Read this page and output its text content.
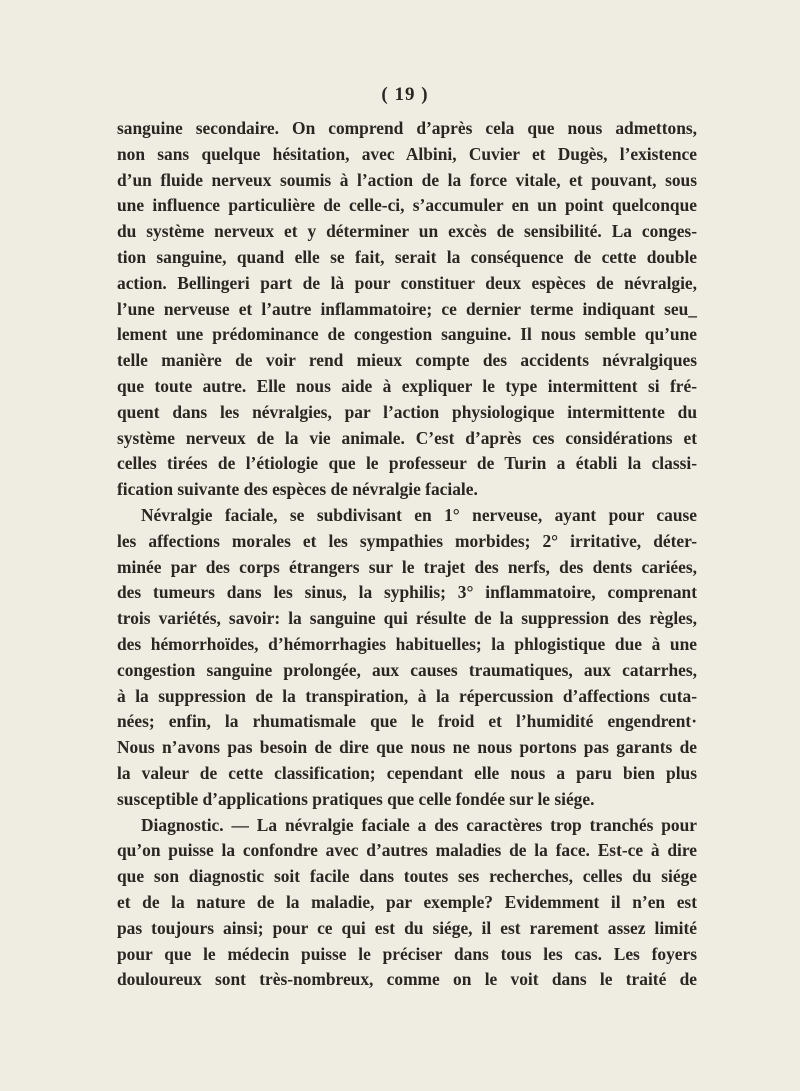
( 19 )
sanguine secondaire. On comprend d’après cela que nous admettons,
non sans quelque hésitation, avec Albini, Cuvier et Dugès, l’existence
d’un fluide nerveux soumis à l’action de la force vitale, et pouvant, sous
une influence particulière de celle-ci, s’accumuler en un point quelconque
du système nerveux et y déterminer un excès de sensibilité. La conges-
tion sanguine, quand elle se fait, serait la conséquence de cette double
action. Bellingeri part de là pour constituer deux espèces de névralgie,
l’une nerveuse et l’autre inflammatoire; ce dernier terme indiquant seu_
lement une prédominance de congestion sanguine. Il nous semble qu’une
telle manière de voir rend mieux compte des accidents névralgiques
que toute autre. Elle nous aide à expliquer le type intermittent si fré-
quent dans les névralgies, par l’action physiologique intermittente du
système nerveux de la vie animale. C’est d’après ces considérations et
celles tirées de l’étiologie que le professeur de Turin a établi la classi-
fication suivante des espèces de névralgie faciale.
Névralgie faciale, se subdivisant en 1° nerveuse, ayant pour cause
les affections morales et les sympathies morbides; 2° irritative, déter-
minée par des corps étrangers sur le trajet des nerfs, des dents cariées,
des tumeurs dans les sinus, la syphilis; 3° inflammatoire, comprenant
trois variétés, savoir: la sanguine qui résulte de la suppression des règles,
des hémorrhoïdes, d’hémorrhagies habituelles; la phlogistique due à une
congestion sanguine prolongée, aux causes traumatiques, aux catarrhes,
à la suppression de la transpiration, à la répercussion d’affections cuta-
nées; enfin, la rhumatismale que le froid et l’humidité engendrent·
Nous n’avons pas besoin de dire que nous ne nous portons pas garants de
la valeur de cette classification; cependant elle nous a paru bien plus
susceptible d’applications pratiques que celle fondée sur le siége.
Diagnostic. — La névralgie faciale a des caractères trop tranchés pour
qu’on puisse la confondre avec d’autres maladies de la face. Est-ce à dire
que son diagnostic soit facile dans toutes ses recherches, celles du siége
et de la nature de la maladie, par exemple? Evidemment il n’en est
pas toujours ainsi; pour ce qui est du siége, il est rarement assez limité
pour que le médecin puisse le préciser dans tous les cas. Les foyers
douloureux sont très-nombreux, comme on le voit dans le traité de
